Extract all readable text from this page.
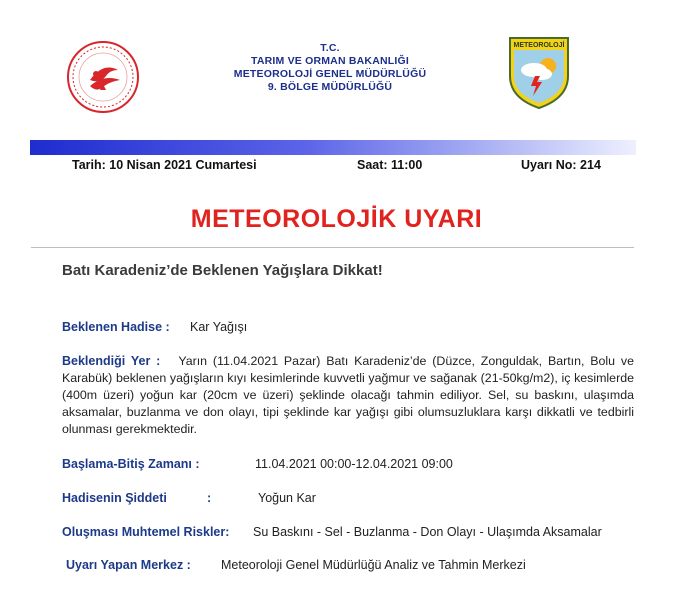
T.C.
TARIM VE ORMAN BAKANLIĞI
METEOROLOJİ GENEL MÜDÜRLÜĞÜ
9. BÖLGE MÜDÜRLÜĞÜ
METEOROLOJİ
Tarih: 10 Nisan 2021 Cumartesi	Saat: 11:00	Uyarı No: 214
METEOROLOJİK UYARI
Batı Karadeniz’de Beklenen Yağışlara Dikkat!
Beklenen Hadise : Kar Yağışı
Beklendiği Yer : Yarın (11.04.2021 Pazar) Batı Karadeniz’de (Düzce, Zonguldak, Bartın, Bolu ve Karabük) beklenen yağışların kıyı kesimlerinde kuvvetli yağmur ve sağanak (21-50kg/m2), iç kesimlerde (400m üzeri) yoğun kar (20cm ve üzeri) şeklinde olacağı tahmin ediliyor. Sel, su baskını, ulaşımda aksamalar, buzlanma ve don olayı, tipi şeklinde kar yağışı gibi olumsuzluklara karşı dikkatli ve tedbirli olunması gerekmektedir.
Başlama-Bitiş Zamanı :	11.04.2021 00:00-12.04.2021 09:00
Hadisenin Şiddeti	:	Yoğun Kar
Oluşması Muhtemel Riskler: Su Baskını - Sel - Buzlanma - Don Olayı - Ulaşımda Aksamalar
Uyarı Yapan Merkez : Meteoroloji Genel Müdürlüğü Analiz ve Tahmin Merkezi
